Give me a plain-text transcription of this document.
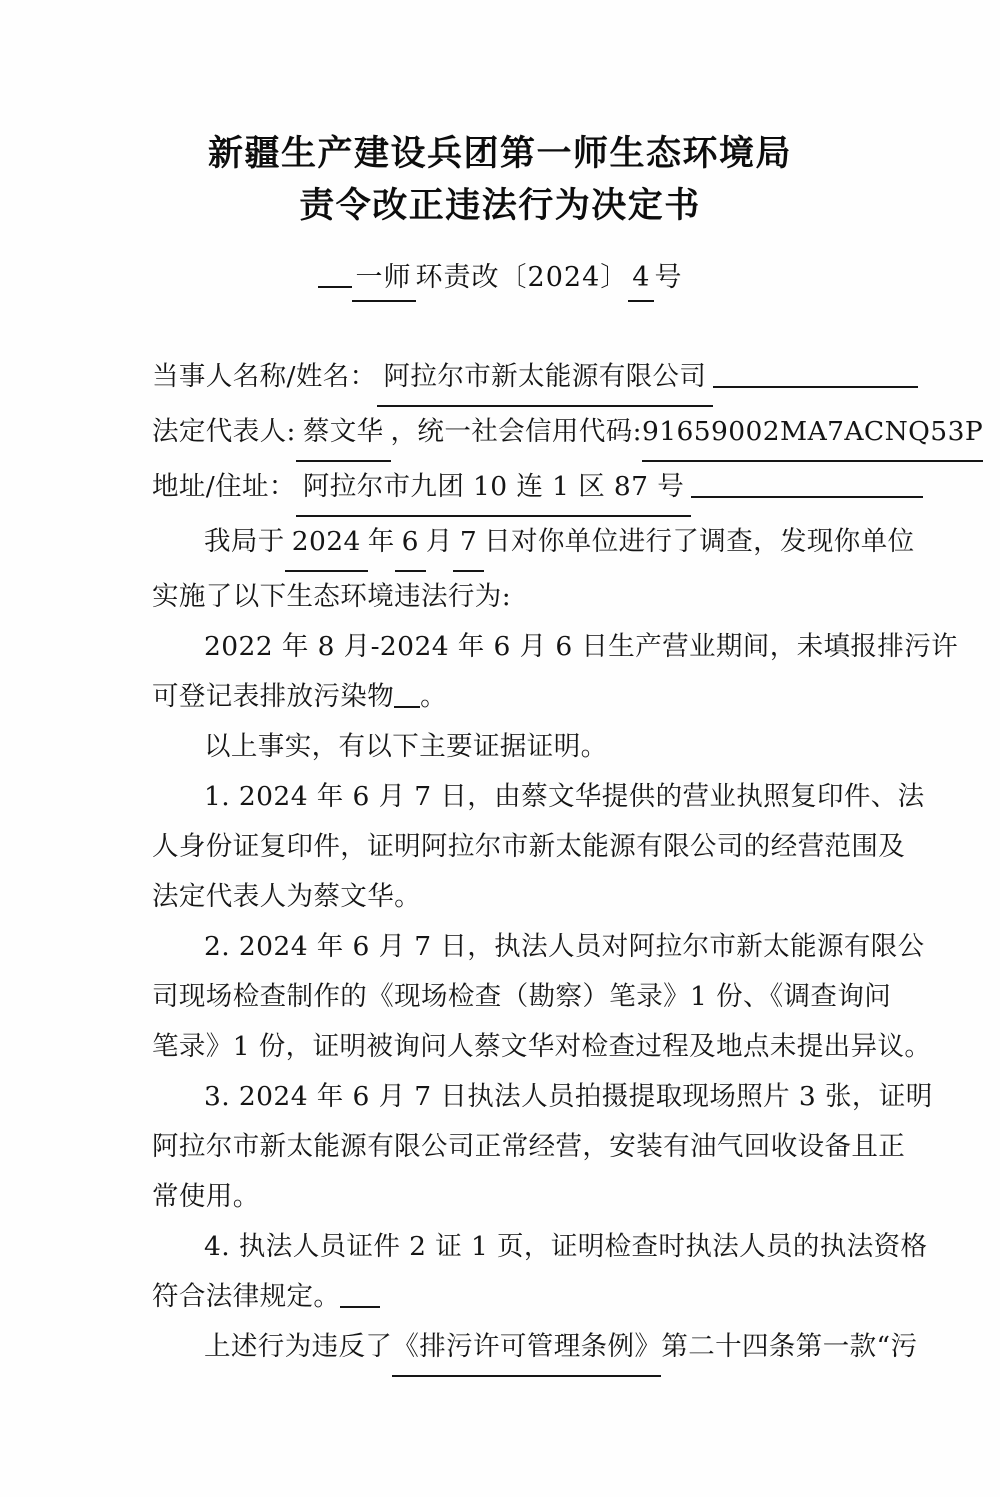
新疆生产建设兵团第一师生态环境局
责令改正违法行为决定书
一师 环责改〔2024〕 4 号
当事人名称/姓名： 阿拉尔市新太能源有限公司
法定代表人: 蔡文华 ，统一社会信用代码:91659002MA7ACNQ53P
地址/住址： 阿拉尔市九团 10 连 1 区 87 号
我局于 2024 年 6 月 7 日对你单位进行了调查，发现你单位
实施了以下生态环境违法行为:
2022 年 8 月-2024 年 6 月 6 日生产营业期间，未填报排污许
可登记表排放污染物 。
以上事实，有以下主要证据证明。
1. 2024 年 6 月 7 日，由蔡文华提供的营业执照复印件、法
人身份证复印件，证明阿拉尔市新太能源有限公司的经营范围及
法定代表人为蔡文华。
2. 2024 年 6 月 7 日，执法人员对阿拉尔市新太能源有限公
司现场检查制作的《现场检查（勘察）笔录》1 份、《调查询问
笔录》1 份，证明被询问人蔡文华对检查过程及地点未提出异议。
3. 2024 年 6 月 7 日执法人员拍摄提取现场照片 3 张，证明
阿拉尔市新太能源有限公司正常经营，安装有油气回收设备且正
常使用。
4. 执法人员证件 2 证 1 页，证明检查时执法人员的执法资格
符合法律规定。
上述行为违反了《排污许可管理条例》第二十四条第一款“污
